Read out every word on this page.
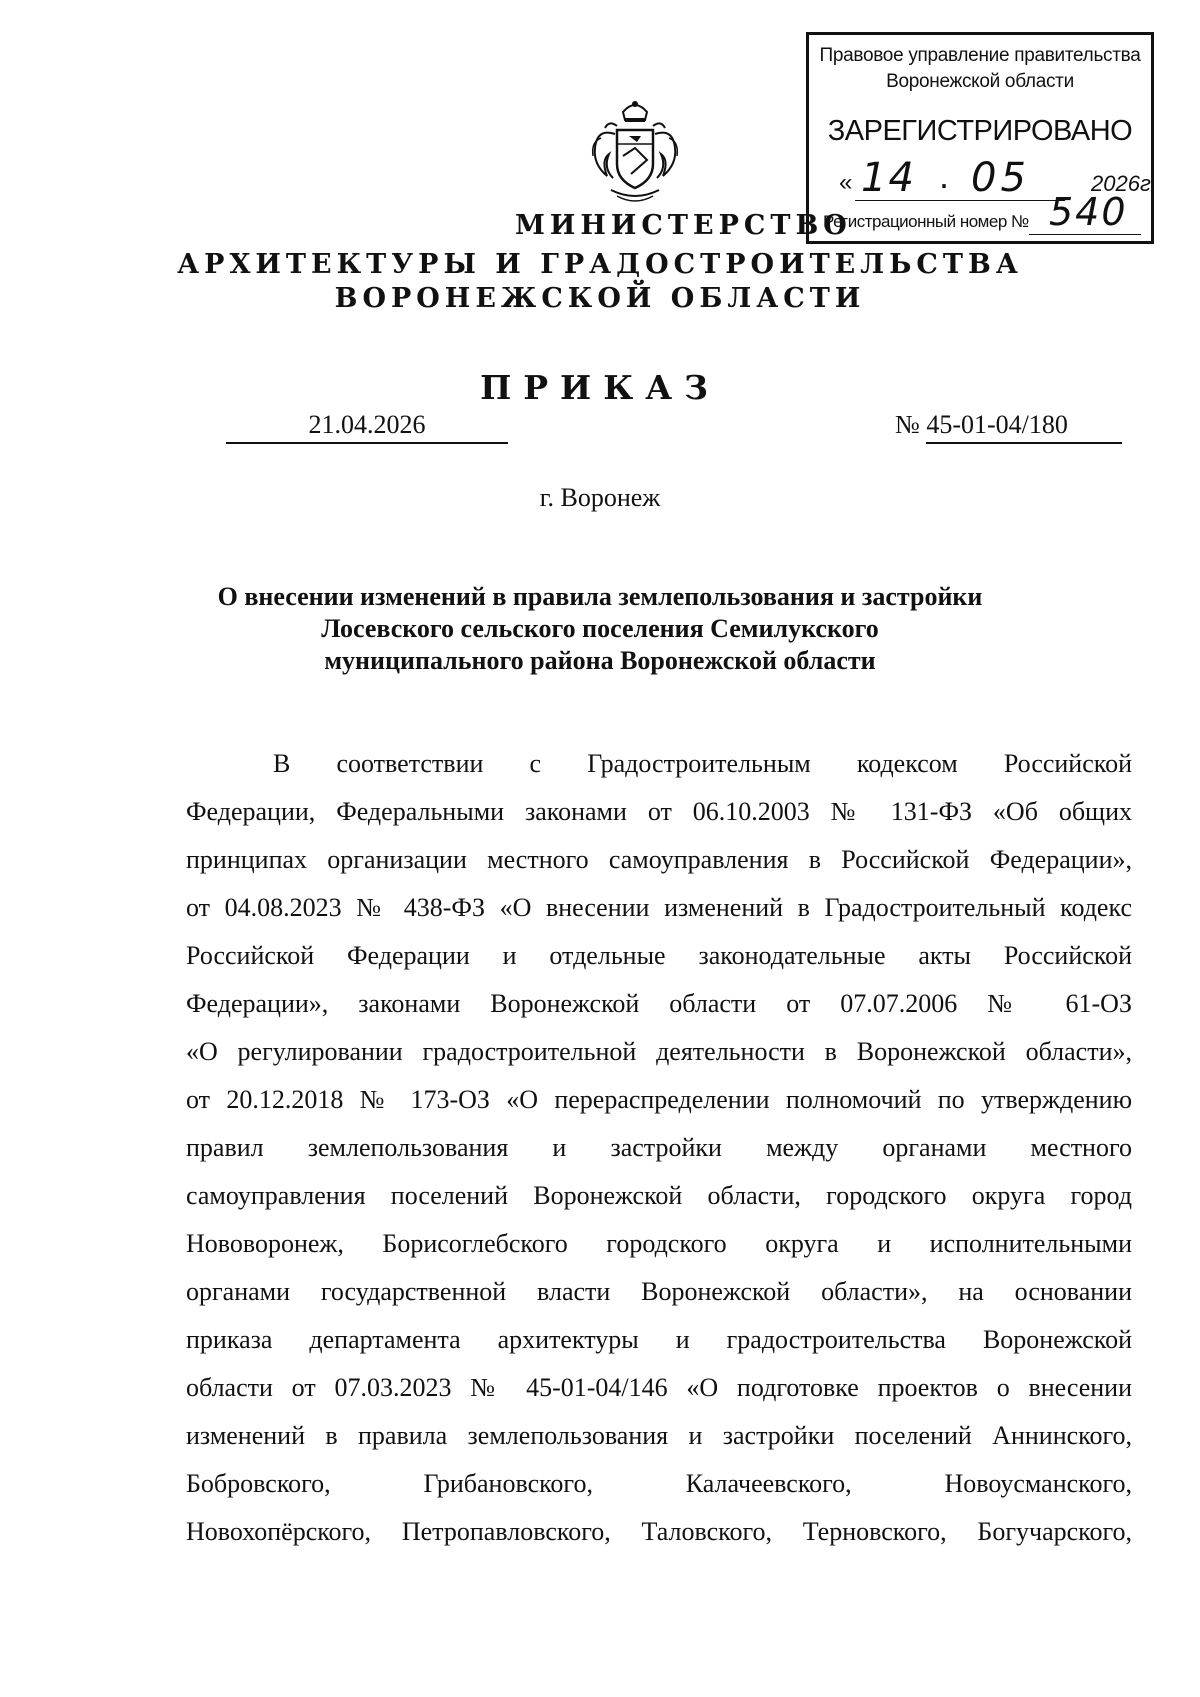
Правовое управление правительства
Воронежской области
ЗАРЕГИСТРИРОВАНО
« 14 . 05	2026г.
Регистрационный номер № 540
МИНИСТЕРСТВО
АРХИТЕКТУРЫ И ГРАДОСТРОИТЕЛЬСТВА
ВОРОНЕЖСКОЙ ОБЛАСТИ
ПРИКАЗ
21.04.2026	№ 45-01-04/180
г. Воронеж
О внесении изменений в правила землепользования и застройки
Лосевского сельского поселения Семилукского
муниципального района Воронежской области
В соответствии с Градостроительным кодексом Российской
Федерации, Федеральными законами от 06.10.2003 № 131-ФЗ «Об общих
принципах организации местного самоуправления в Российской Федерации»,
от 04.08.2023 № 438-ФЗ «О внесении изменений в Градостроительный кодекс
Российской Федерации и отдельные законодательные акты Российской
Федерации», законами Воронежской области от 07.07.2006 № 61-ОЗ
«О регулировании градостроительной деятельности в Воронежской области»,
от 20.12.2018 № 173-ОЗ «О перераспределении полномочий по утверждению
правил землепользования и застройки между органами местного
самоуправления поселений Воронежской области, городского округа город
Нововоронеж, Борисоглебского городского округа и исполнительными
органами государственной власти Воронежской области», на основании
приказа департамента архитектуры и градостроительства Воронежской
области от 07.03.2023 № 45-01-04/146 «О подготовке проектов о внесении
изменений в правила землепользования и застройки поселений Аннинского,
Бобровского, Грибановского, Калачеевского, Новоусманского,
Новохопёрского, Петропавловского, Таловского, Терновского, Богучарского,
